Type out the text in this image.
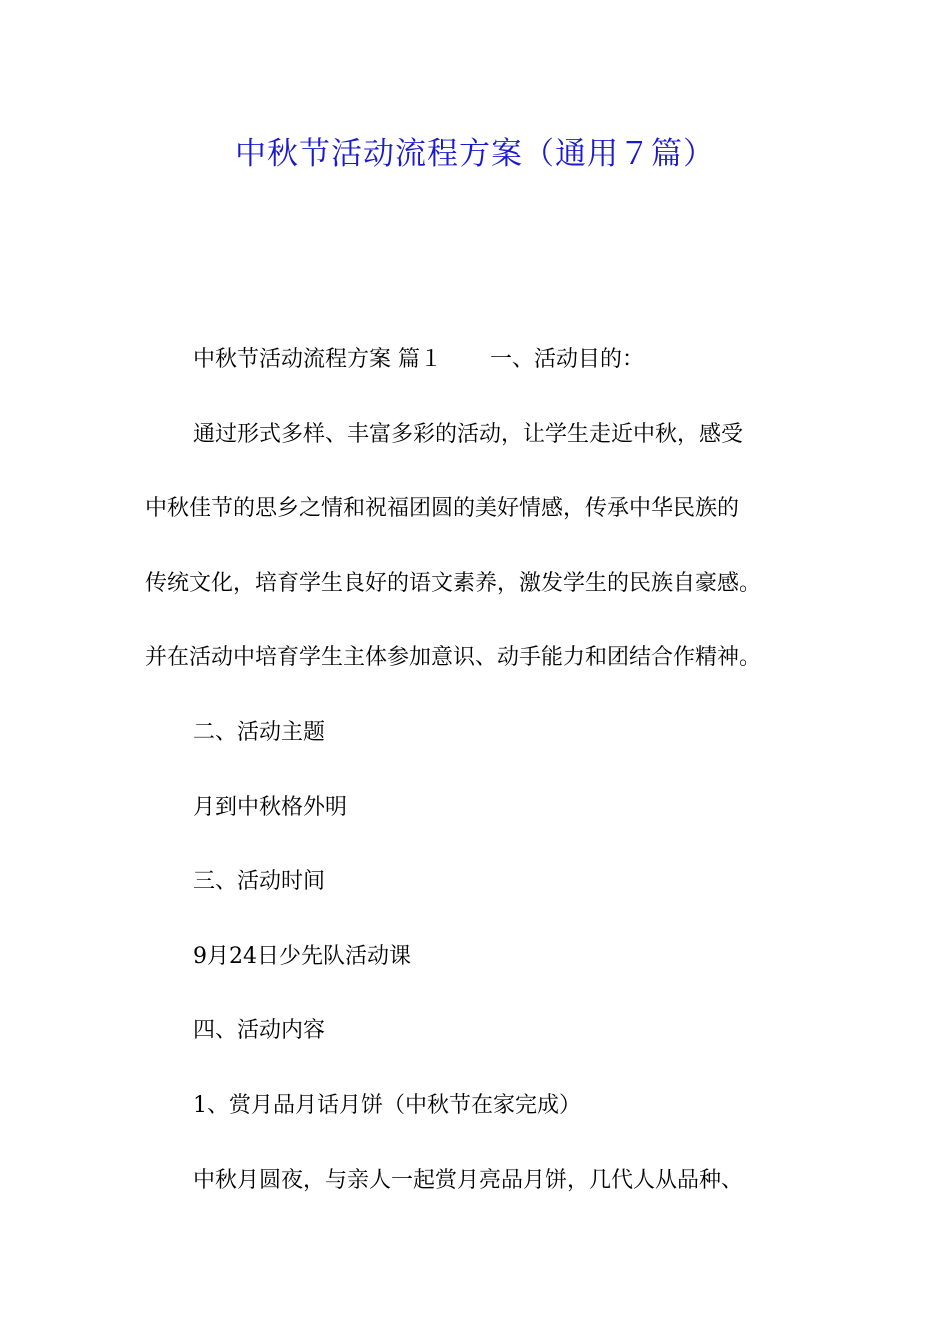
中秋节活动流程方案（通用７篇）
中秋节活动流程方案 篇１ 一、活动目的：
通过形式多样、丰富多彩的活动，让学生走近中秋，感受
中秋佳节的思乡之情和祝福团圆的美好情感，传承中华民族的
传统文化，培育学生良好的语文素养，激发学生的民族自豪感。
并在活动中培育学生主体参加意识、动手能力和团结合作精神。
二、活动主题
月到中秋格外明
三、活动时间
9月24日少先队活动课
四、活动内容
1、赏月品月话月饼（中秋节在家完成）
中秋月圆夜，与亲人一起赏月亮品月饼，几代人从品种、
